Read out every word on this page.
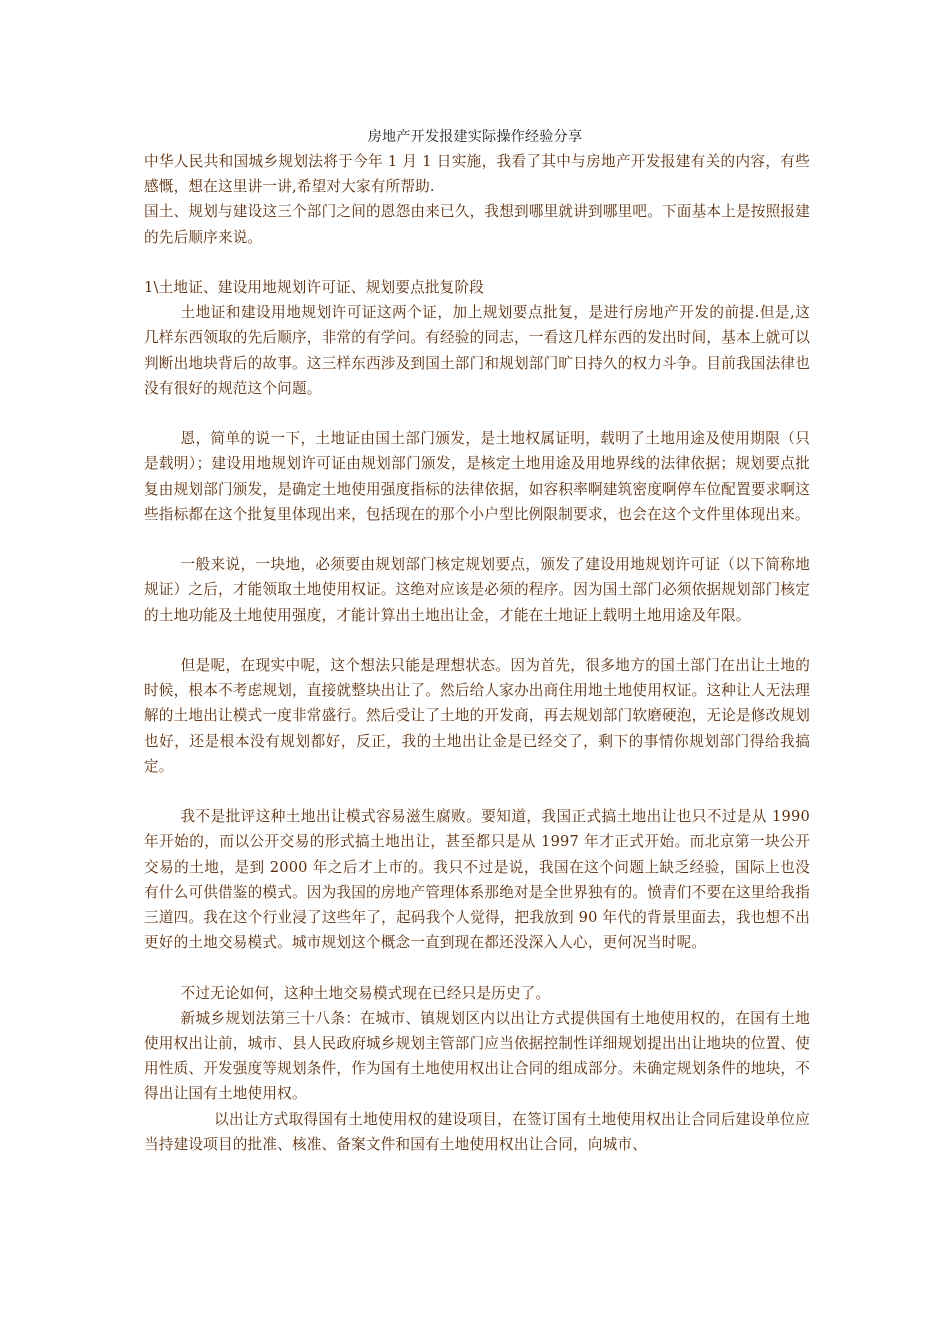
房地产开发报建实际操作经验分享

中华人民共和国城乡规划法将于今年 1 月 1 日实施，我看了其中与房地产开发报建有关的内容，有些感慨，想在这里讲一讲,希望对大家有所帮助.

国土、规划与建设这三个部门之间的恩怨由来已久，我想到哪里就讲到哪里吧。下面基本上是按照报建的先后顺序来说。

1\土地证、建设用地规划许可证、规划要点批复阶段

土地证和建设用地规划许可证这两个证，加上规划要点批复，是进行房地产开发的前提.但是,这几样东西领取的先后顺序，非常的有学问。有经验的同志，一看这几样东西的发出时间，基本上就可以判断出地块背后的故事。这三样东西涉及到国土部门和规划部门旷日持久的权力斗争。目前我国法律也没有很好的规范这个问题。

恩，简单的说一下，土地证由国土部门颁发，是土地权属证明，载明了土地用途及使用期限（只是载明）；建设用地规划许可证由规划部门颁发，是核定土地用途及用地界线的法律依据；规划要点批复由规划部门颁发，是确定土地使用强度指标的法律依据，如容积率啊建筑密度啊停车位配置要求啊这些指标都在这个批复里体现出来，包括现在的那个小户型比例限制要求，也会在这个文件里体现出来。

一般来说，一块地，必须要由规划部门核定规划要点，颁发了建设用地规划许可证（以下简称地规证）之后，才能领取土地使用权证。这绝对应该是必须的程序。因为国土部门必须依据规划部门核定的土地功能及土地使用强度，才能计算出土地出让金，才能在土地证上载明土地用途及年限。

但是呢，在现实中呢，这个想法只能是理想状态。因为首先，很多地方的国土部门在出让土地的时候，根本不考虑规划，直接就整块出让了。然后给人家办出商住用地土地使用权证。这种让人无法理解的土地出让模式一度非常盛行。然后受让了土地的开发商，再去规划部门软磨硬泡，无论是修改规划也好，还是根本没有规划都好，反正，我的土地出让金是已经交了，剩下的事情你规划部门得给我搞定。

我不是批评这种土地出让模式容易滋生腐败。要知道，我国正式搞土地出让也只不过是从 1990 年开始的，而以公开交易的形式搞土地出让，甚至都只是从 1997 年才正式开始。而北京第一块公开交易的土地，是到 2000 年之后才上市的。我只不过是说，我国在这个问题上缺乏经验，国际上也没有什么可供借鉴的模式。因为我国的房地产管理体系那绝对是全世界独有的。愤青们不要在这里给我指三道四。我在这个行业浸了这些年了，起码我个人觉得，把我放到 90 年代的背景里面去，我也想不出更好的土地交易模式。城市规划这个概念一直到现在都还没深入人心，更何况当时呢。

不过无论如何，这种土地交易模式现在已经只是历史了。

新城乡规划法第三十八条：在城市、镇规划区内以出让方式提供国有土地使用权的，在国有土地使用权出让前，城市、县人民政府城乡规划主管部门应当依据控制性详细规划提出出让地块的位置、使用性质、开发强度等规划条件，作为国有土地使用权出让合同的组成部分。未确定规划条件的地块，不得出让国有土地使用权。

以出让方式取得国有土地使用权的建设项目，在签订国有土地使用权出让合同后建设单位应当持建设项目的批准、核准、备案文件和国有土地使用权出让合同，向城市、
